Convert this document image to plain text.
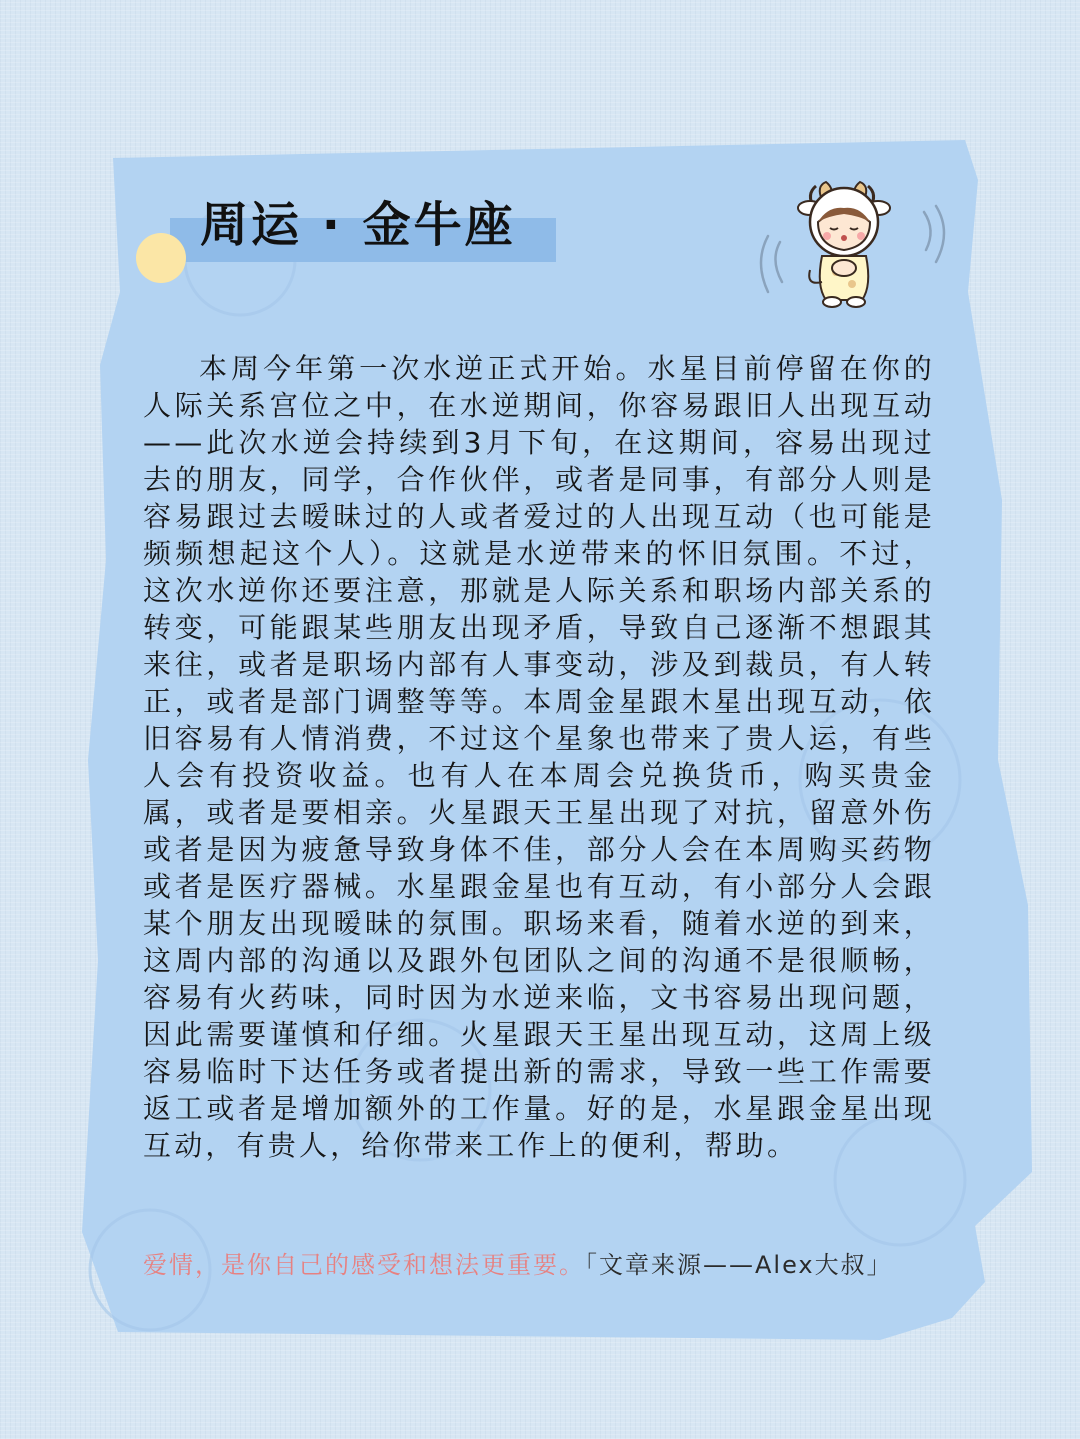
周运 · 金牛座

本周今年第一次水逆正式开始。水星目前停留在你的人际关系宫位之中，在水逆期间，你容易跟旧人出现互动——此次水逆会持续到3月下旬，在这期间，容易出现过去的朋友，同学，合作伙伴，或者是同事，有部分人则是容易跟过去暧昧过的人或者爱过的人出现互动（也可能是频频想起这个人）。这就是水逆带来的怀旧氛围。不过，这次水逆你还要注意，那就是人际关系和职场内部关系的转变，可能跟某些朋友出现矛盾，导致自己逐渐不想跟其来往，或者是职场内部有人事变动，涉及到裁员，有人转正，或者是部门调整等等。本周金星跟木星出现互动，依旧容易有人情消费，不过这个星象也带来了贵人运，有些人会有投资收益。也有人在本周会兑换货币，购买贵金属，或者是要相亲。火星跟天王星出现了对抗，留意外伤或者是因为疲惫导致身体不佳，部分人会在本周购买药物或者是医疗器械。水星跟金星也有互动，有小部分人会跟某个朋友出现暧昧的氛围。职场来看，随着水逆的到来，这周内部的沟通以及跟外包团队之间的沟通不是很顺畅，容易有火药味，同时因为水逆来临，文书容易出现问题，因此需要谨慎和仔细。火星跟天王星出现互动，这周上级容易临时下达任务或者提出新的需求，导致一些工作需要返工或者是增加额外的工作量。好的是，水星跟金星出现互动，有贵人，给你带来工作上的便利，帮助。

爱情，是你自己的感受和想法更重要。「文章来源——Alex大叔」
